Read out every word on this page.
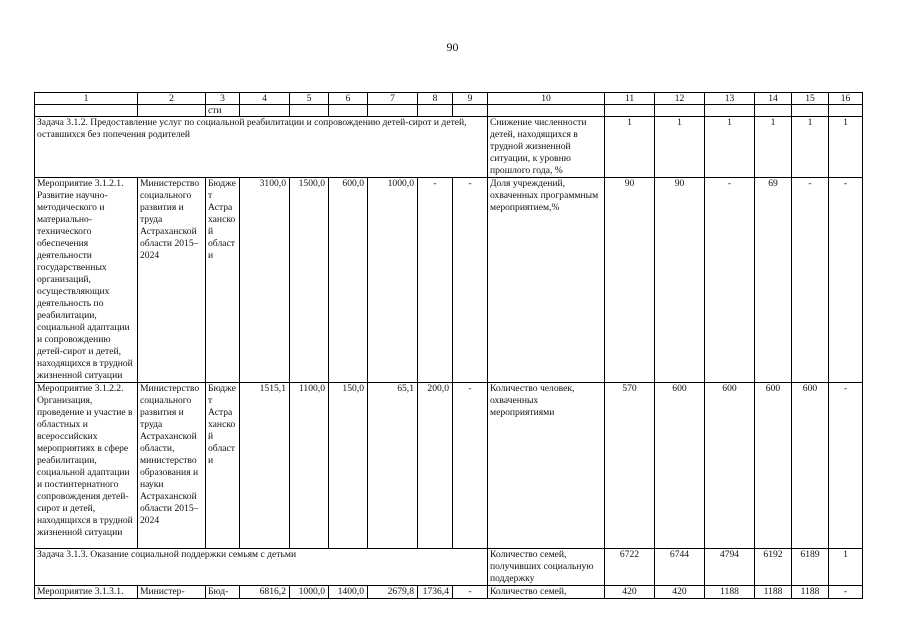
90
1	2	3	4	5	6	7	8	9	10	11	12	13	14	15	16
		сти													
Задача 3.1.2. Предоставление услуг по социальной реабилитации и сопровождению детей-сирот и детей, оставшихся без попечения родителей									Снижение численности детей, находящихся в трудной жизненной ситуации, к уровню прошлого года, %	1	1	1	1	1	1
Мероприятие 3.1.2.1. Развитие научно-методического и материально-технического обеспечения деятельности государственных организаций, осуществляющих деятельность по реабилитации, социальной адаптации и сопровождению детей-сирот и детей, находящихся в трудной жизненной ситуации	Министерство социального развития и труда Астраханской области 2015–2024	Бюджет Астраханской области	3100,0	1500,0	600,0	1000,0	-	-	Доля учреждений, охваченных программным мероприятием,%	90	90	-	69	-	-
Мероприятие 3.1.2.2. Организация, проведение и участие в областных и всероссийских мероприятиях в сфере реабилитации, социальной адаптации и постинтернатного сопровождения детей-сирот и детей, находящихся в трудной жизненной ситуации	Министерство социального развития и труда Астраханской области, министерство образования и науки Астраханской области 2015–2024	Бюджет Астраханской области	1515,1	1100,0	150,0	65,1	200,0	-	Количество человек, охваченных мероприятиями	570	600	600	600	600	-
Задача 3.1.3. Оказание социальной поддержки семьям с детьми									Количество семей, получивших социальную поддержку	6722	6744	4794	6192	6189	1
Мероприятие 3.1.3.1.	Министер-	Бюд-	6816,2	1000,0	1400,0	2679,8	1736,4	-	Количество семей,	420	420	1188	1188	1188	-
